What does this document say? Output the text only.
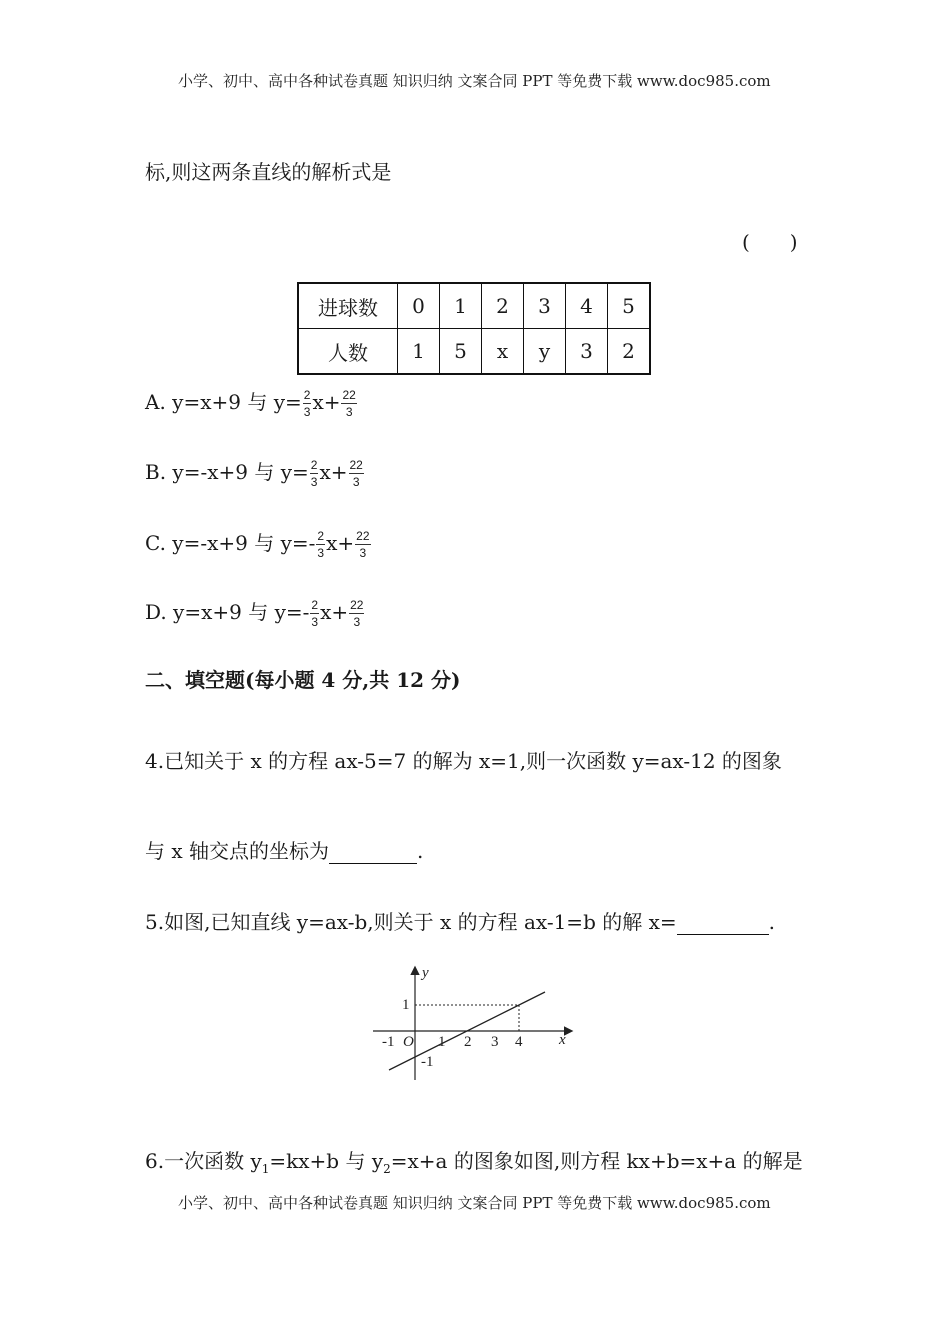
小学、初中、高中各种试卷真题 知识归纳 文案合同 PPT 等免费下载 www.doc985.com
标,则这两条直线的解析式是
(　　)
进球数	0	1	2	3	4	5
人数	1	5	x	y	3	2
A. y=x+9 与 $y= \frac{2}{3} x+ \frac{22}{3}$
B. y=-x+9 与 $y= \frac{2}{3} x+ \frac{22}{3}$
C. y=-x+9 与 $y=- \frac{2}{3} x+ \frac{22}{3}$
D. y=x+9 与 $y=- \frac{2}{3} x+ \frac{22}{3}$
二、填空题(每小题 4 分,共 12 分)
4.已知关于 x 的方程 ax-5=7 的解为 x=1,则一次函数 y=ax-12 的图象
与 x 轴交点的坐标为	.
5.如图,已知直线 y=ax-b,则关于 x 的方程 ax-1=b 的解 x=	.
y
x
O
-1	1 2 3 4
1
-1
6.一次函数 $y_1=kx+b$ 与 $y_2=x+a$ 的图象如图,则方程 kx+b=x+a 的解是
小学、初中、高中各种试卷真题 知识归纳 文案合同 PPT 等免费下载 www.doc985.com
